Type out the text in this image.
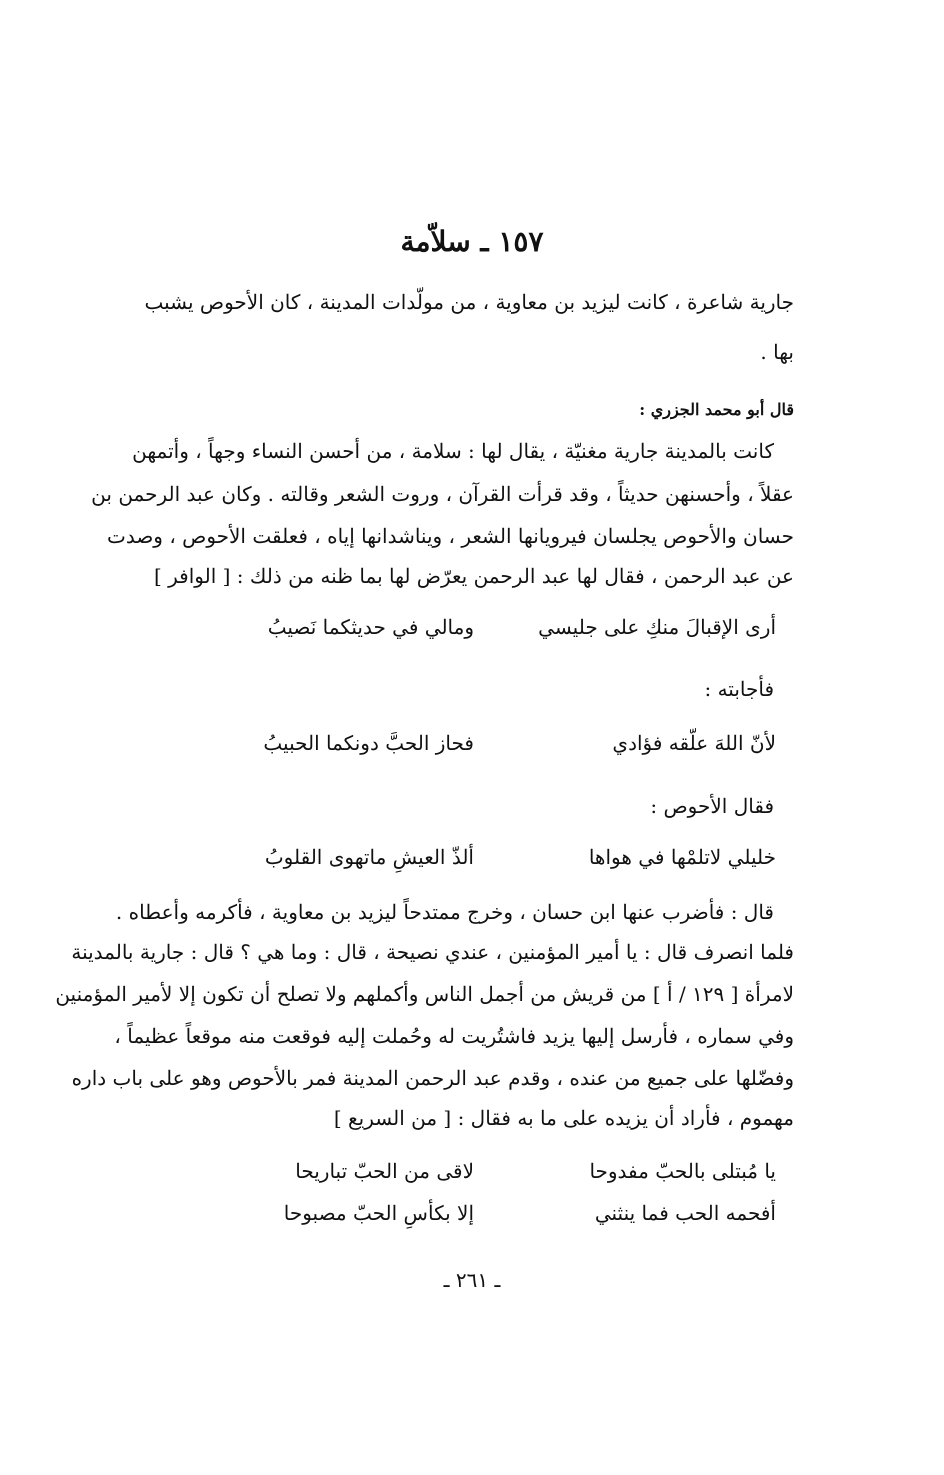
١٥٧ ـ سلاّمة
جارية شاعرة ، كانت ليزيد بن معاوية ، من مولّدات المدينة ، كان الأحوص يشبب
بها .
قال أبو محمد الجزري :
كانت بالمدينة جارية مغنيّة ، يقال لها : سلامة ، من أحسن النساء وجهاً ، وأتمهن
عقلاً ، وأحسنهن حديثاً ، وقد قرأت القرآن ، وروت الشعر وقالته . وكان عبد الرحمن بن
حسان والأحوص يجلسان فيرويانها الشعر ، ويناشدانها إياه ، فعلقت الأحوص ، وصدت
عن عبد الرحمن ، فقال لها عبد الرحمن يعرّض لها بما ظنه من ذلك : [ الوافر ]
أرى الإقبالَ منكِ على جليسي
ومالي في حديثكما نَصيبُ
فأجابته :
لأنّ اللهَ علّقه فؤادي
فحاز الحبَّ دونكما الحبيبُ
فقال الأحوص :
خليلي لاتلمْها في هواها
ألذّ العيشِ ماتهوى القلوبُ
قال : فأضرب عنها ابن حسان ، وخرج ممتدحاً ليزيد بن معاوية ، فأكرمه وأعطاه .
فلما انصرف قال : يا أمير المؤمنين ، عندي نصيحة ، قال : وما هي ؟ قال : جارية بالمدينة
لامرأة [ ١٢٩ / أ ] من قريش من أجمل الناس وأكملهم ولا تصلح أن تكون إلا لأمير المؤمنين
وفي سماره ، فأرسل إليها يزيد فاشتُريت له وحُملت إليه فوقعت منه موقعاً عظيماً ،
وفضّلها على جميع من عنده ، وقدم عبد الرحمن المدينة فمر بالأحوص وهو على باب داره
مهموم ، فأراد أن يزيده على ما به فقال : [ من السريع ]
يا مُبتلى بالحبّ مفدوحا
لاقى من الحبّ تباريحا
أفحمه الحب فما ينثني
إلا بكأسِ الحبّ مصبوحا
ـ ٢٦١ ـ
